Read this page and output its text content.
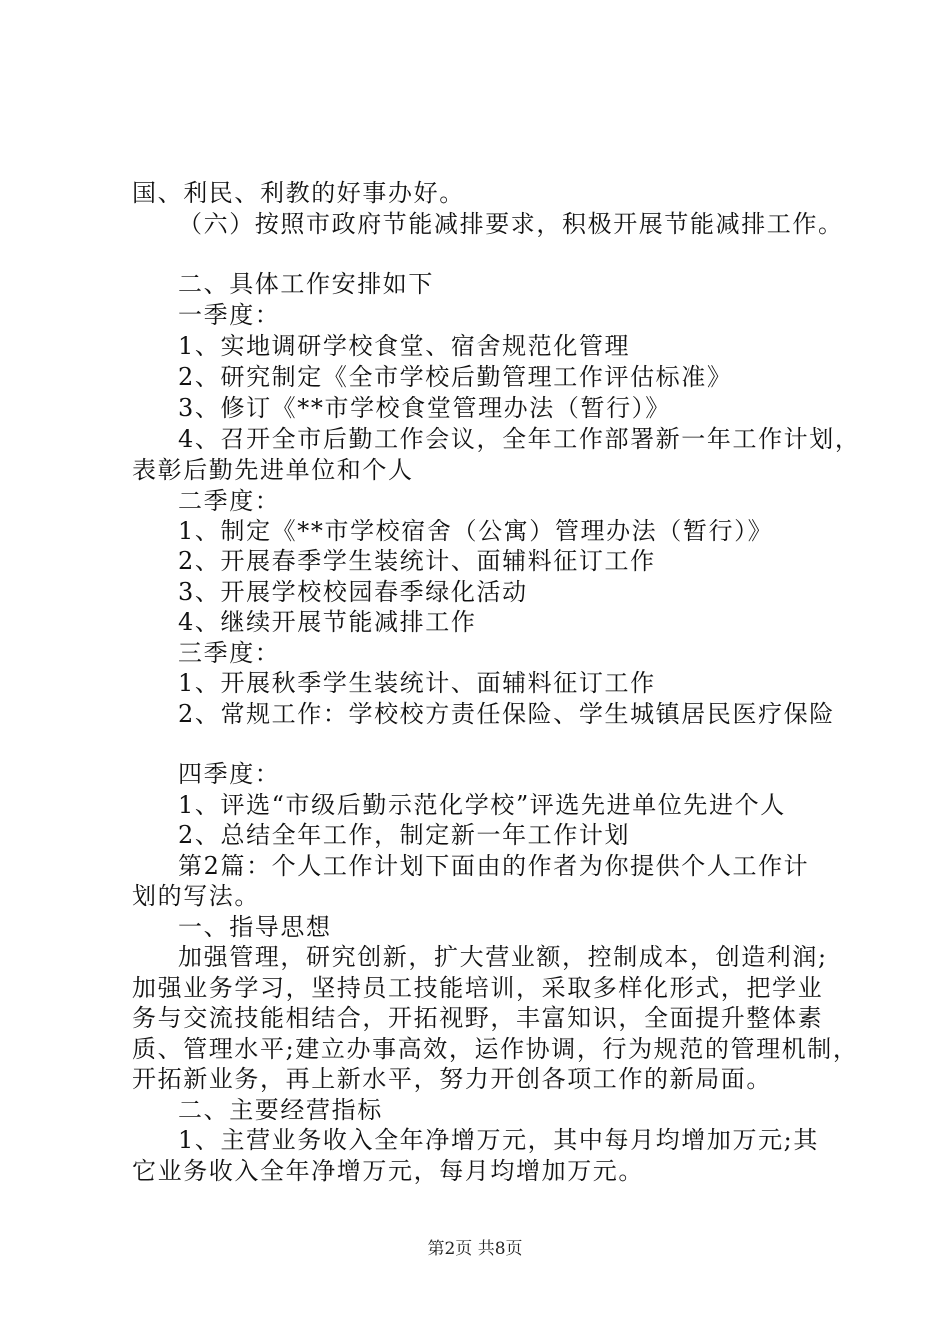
国、利民、利教的好事办好。
（六）按照市政府节能减排要求，积极开展节能减排工作。
二、具体工作安排如下
一季度：
1、实地调研学校食堂、宿舍规范化管理
2、研究制定《全市学校后勤管理工作评估标准》
3、修订《**市学校食堂管理办法（暂行）》
4、召开全市后勤工作会议，全年工作部署新一年工作计划，
表彰后勤先进单位和个人
二季度：
1、制定《**市学校宿舍（公寓）管理办法（暂行）》
2、开展春季学生装统计、面辅料征订工作
3、开展学校校园春季绿化活动
4、继续开展节能减排工作
三季度：
1、开展秋季学生装统计、面辅料征订工作
2、常规工作：学校校方责任保险、学生城镇居民医疗保险
四季度：
1、评选“市级后勤示范化学校”评选先进单位先进个人
2、总结全年工作，制定新一年工作计划
第2篇：个人工作计划下面由的作者为你提供个人工作计
划的写法。
一、指导思想
加强管理，研究创新，扩大营业额，控制成本，创造利润;
加强业务学习，坚持员工技能培训，采取多样化形式，把学业
务与交流技能相结合，开拓视野，丰富知识，全面提升整体素
质、管理水平;建立办事高效，运作协调，行为规范的管理机制，
开拓新业务，再上新水平，努力开创各项工作的新局面。
二、主要经营指标
1、主营业务收入全年净增万元，其中每月均增加万元;其
它业务收入全年净增万元，每月均增加万元。
第2页 共8页
